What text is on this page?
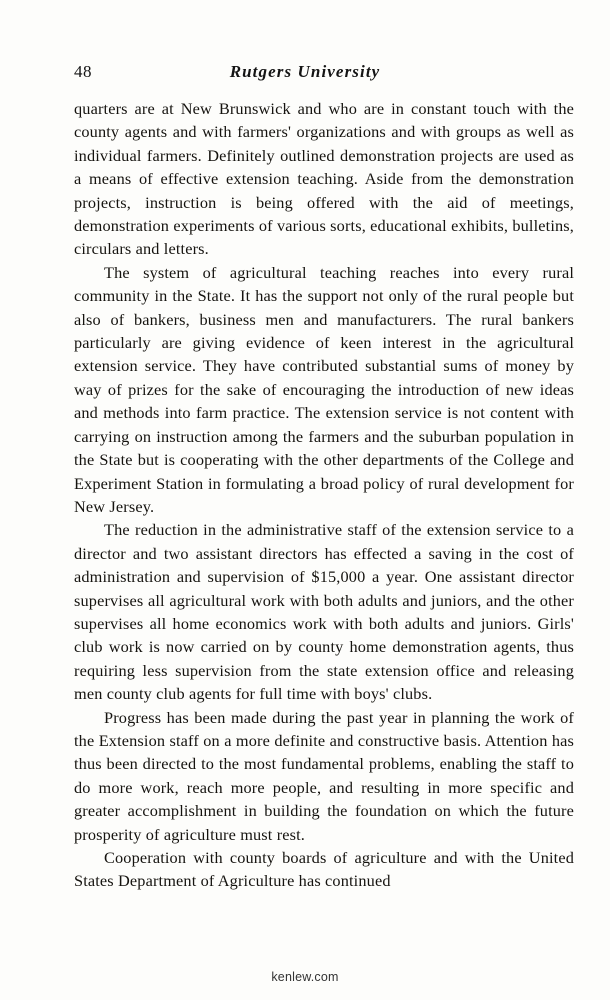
48	Rutgers University

quarters are at New Brunswick and who are in constant touch with the county agents and with farmers' organizations and with groups as well as individual farmers. Definitely outlined demonstration projects are used as a means of effective extension teaching. Aside from the demonstration projects, instruction is being offered with the aid of meetings, demonstration experiments of various sorts, educational exhibits, bulletins, circulars and letters.

The system of agricultural teaching reaches into every rural community in the State. It has the support not only of the rural people but also of bankers, business men and manufacturers. The rural bankers particularly are giving evidence of keen interest in the agricultural extension service. They have contributed substantial sums of money by way of prizes for the sake of encouraging the introduction of new ideas and methods into farm practice. The extension service is not content with carrying on instruction among the farmers and the suburban population in the State but is cooperating with the other departments of the College and Experiment Station in formulating a broad policy of rural development for New Jersey.

The reduction in the administrative staff of the extension service to a director and two assistant directors has effected a saving in the cost of administration and supervision of $15,000 a year. One assistant director supervises all agricultural work with both adults and juniors, and the other supervises all home economics work with both adults and juniors. Girls' club work is now carried on by county home demonstration agents, thus requiring less supervision from the state extension office and releasing men county club agents for full time with boys' clubs.

Progress has been made during the past year in planning the work of the Extension staff on a more definite and constructive basis. Attention has thus been directed to the most fundamental problems, enabling the staff to do more work, reach more people, and resulting in more specific and greater accomplishment in building the foundation on which the future prosperity of agriculture must rest.

Cooperation with county boards of agriculture and with the United States Department of Agriculture has continued

kenlew.com
